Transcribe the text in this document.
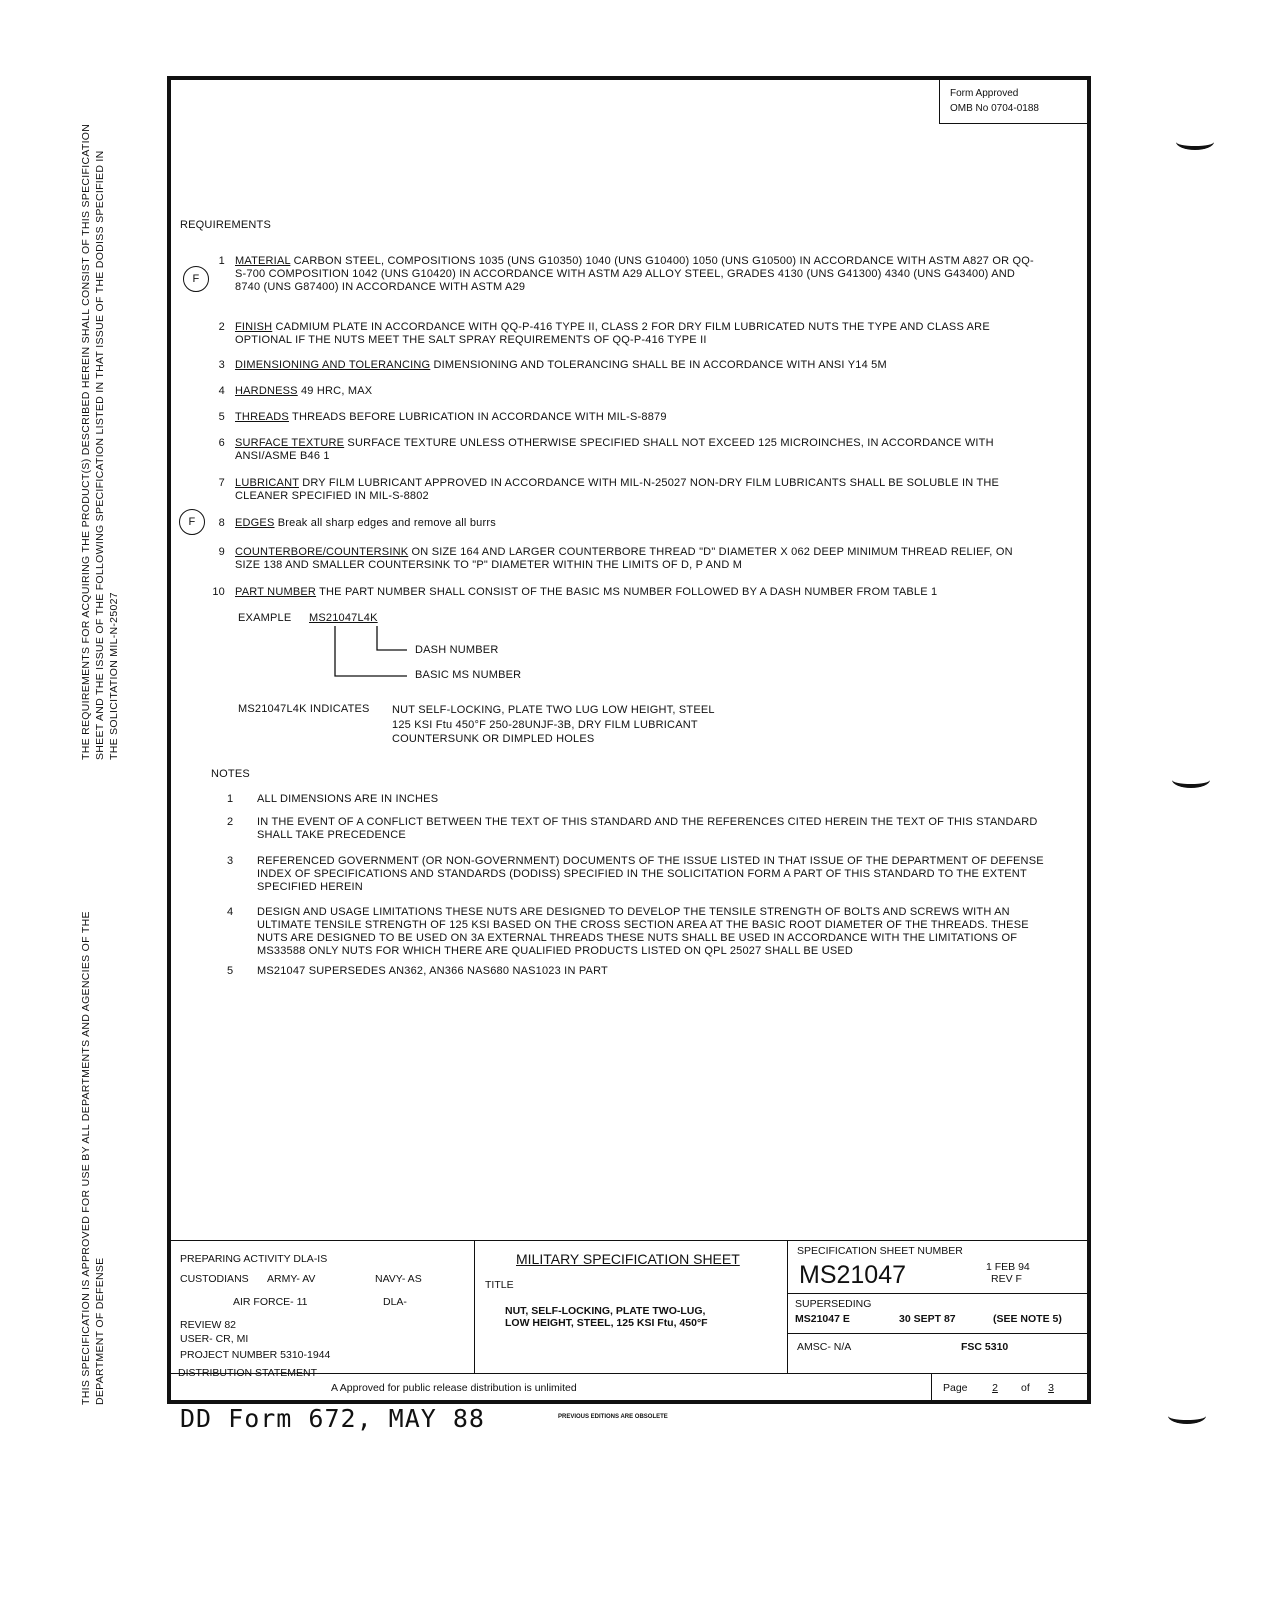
THE REQUIREMENTS FOR ACQUIRING THE PRODUCT(S) DESCRIBED HEREIN SHALL CONSIST OF THIS SPECIFICATION SHEET AND THE ISSUE OF THE FOLLOWING SPECIFICATION LISTED IN THAT ISSUE OF THE DODISS SPECIFIED IN THE SOLICITATION MIL-N-25027
THIS SPECIFICATION IS APPROVED FOR USE BY ALL DEPARTMENTS AND AGENCIES OF THE DEPARTMENT OF DEFENSE
Form Approved
OMB No 0704-0188
REQUIREMENTS
F
F
1 MATERIAL CARBON STEEL, COMPOSITIONS 1035 (UNS G10350) 1040 (UNS G10400) 1050 (UNS G10500) IN ACCORDANCE WITH ASTM A827 OR QQ-S-700 COMPOSITION 1042 (UNS G10420) IN ACCORDANCE WITH ASTM A29 ALLOY STEEL, GRADES 4130 (UNS G41300) 4340 (UNS G43400) AND 8740 (UNS G87400) IN ACCORDANCE WITH ASTM A29
2 FINISH CADMIUM PLATE IN ACCORDANCE WITH QQ-P-416 TYPE II, CLASS 2 FOR DRY FILM LUBRICATED NUTS THE TYPE AND CLASS ARE OPTIONAL IF THE NUTS MEET THE SALT SPRAY REQUIREMENTS OF QQ-P-416 TYPE II
3 DIMENSIONING AND TOLERANCING DIMENSIONING AND TOLERANCING SHALL BE IN ACCORDANCE WITH ANSI Y14 5M
4 HARDNESS 49 HRC, MAX
5 THREADS THREADS BEFORE LUBRICATION IN ACCORDANCE WITH MIL-S-8879
6 SURFACE TEXTURE SURFACE TEXTURE UNLESS OTHERWISE SPECIFIED SHALL NOT EXCEED 125 MICROINCHES, IN ACCORDANCE WITH ANSI/ASME B46 1
7 LUBRICANT DRY FILM LUBRICANT APPROVED IN ACCORDANCE WITH MIL-N-25027 NON-DRY FILM LUBRICANTS SHALL BE SOLUBLE IN THE CLEANER SPECIFIED IN MIL-S-8802
8 EDGES Break all sharp edges and remove all burrs
9 COUNTERBORE/COUNTERSINK ON SIZE 164 AND LARGER COUNTERBORE THREAD "D" DIAMETER X 062 DEEP MINIMUM THREAD RELIEF, ON SIZE 138 AND SMALLER COUNTERSINK TO "P" DIAMETER WITHIN THE LIMITS OF D, P AND M
10 PART NUMBER THE PART NUMBER SHALL CONSIST OF THE BASIC MS NUMBER FOLLOWED BY A DASH NUMBER FROM TABLE 1
EXAMPLE MS21047L4K
DASH NUMBER
BASIC MS NUMBER
MS21047L4K INDICATES NUT SELF-LOCKING, PLATE TWO LUG LOW HEIGHT, STEEL
125 KSI Ftu 450°F 250-28UNJF-3B, DRY FILM LUBRICANT
COUNTERSUNK OR DIMPLED HOLES
NOTES
1	ALL DIMENSIONS ARE IN INCHES
2	IN THE EVENT OF A CONFLICT BETWEEN THE TEXT OF THIS STANDARD AND THE REFERENCES CITED HEREIN THE TEXT OF THIS STANDARD SHALL TAKE PRECEDENCE
3	REFERENCED GOVERNMENT (OR NON-GOVERNMENT) DOCUMENTS OF THE ISSUE LISTED IN THAT ISSUE OF THE DEPARTMENT OF DEFENSE INDEX OF SPECIFICATIONS AND STANDARDS (DODISS) SPECIFIED IN THE SOLICITATION FORM A PART OF THIS STANDARD TO THE EXTENT SPECIFIED HEREIN
4	DESIGN AND USAGE LIMITATIONS THESE NUTS ARE DESIGNED TO DEVELOP THE TENSILE STRENGTH OF BOLTS AND SCREWS WITH AN ULTIMATE TENSILE STRENGTH OF 125 KSI BASED ON THE CROSS SECTION AREA AT THE BASIC ROOT DIAMETER OF THE THREADS. THESE NUTS ARE DESIGNED TO BE USED ON 3A EXTERNAL THREADS THESE NUTS SHALL BE USED IN ACCORDANCE WITH THE LIMITATIONS OF MS33588 ONLY NUTS FOR WHICH THERE ARE QUALIFIED PRODUCTS LISTED ON QPL 25027 SHALL BE USED
5	MS21047 SUPERSEDES AN362, AN366 NAS680 NAS1023 IN PART
PREPARING ACTIVITY DLA-IS
CUSTODIANS ARMY- AV	NAVY- AS
AIR FORCE- 11	DLA-
REVIEW 82
USER- CR, MI
PROJECT NUMBER 5310-1944
MILITARY SPECIFICATION SHEET
TITLE
NUT, SELF-LOCKING, PLATE TWO-LUG,
LOW HEIGHT, STEEL, 125 KSI Ftu, 450°F
SPECIFICATION SHEET NUMBER
MS21047	1 FEB 94
REV F
SUPERSEDING
MS21047 E	30 SEPT 87	(SEE NOTE 5)
AMSC- N/A	FSC 5310
DISTRIBUTION STATEMENT
A Approved for public release distribution is unlimited	Page	2	of	3
DD Form 672, MAY 88	PREVIOUS EDITIONS ARE OBSOLETE
